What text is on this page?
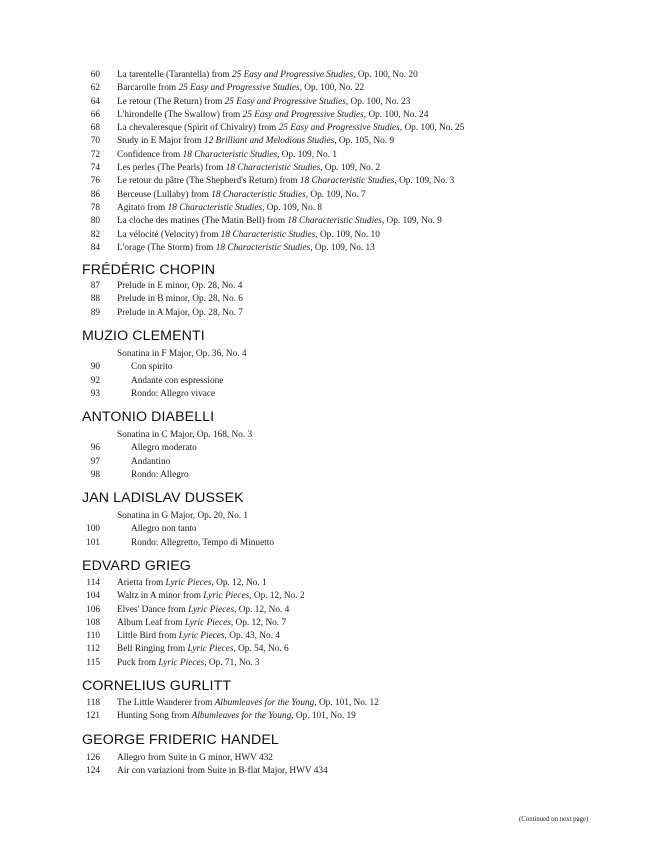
60 La tarentelle (Tarantella) from 25 Easy and Progressive Studies, Op. 100, No. 20
62 Barcarolle from 25 Easy and Progressive Studies, Op. 100, No. 22
64 Le retour (The Return) from 25 Easy and Progressive Studies, Op. 100, No. 23
66 L'hirondelle (The Swallow) from 25 Easy and Progressive Studies, Op. 100, No. 24
68 La chevaleresque (Spirit of Chivalry) from 25 Easy and Progressive Studies, Op. 100, No. 25
70 Study in E Major from 12 Brilliant and Melodious Studies, Op. 105, No. 9
72 Confidence from 18 Characteristic Studies, Op. 109, No. 1
74 Les perles (The Pearls) from 18 Characteristic Studies, Op. 109, No. 2
76 Le retour du pâtre (The Shepherd's Return) from 18 Characteristic Studies, Op. 109, No. 3
86 Berceuse (Lullaby) from 18 Characteristic Studies, Op. 109, No. 7
78 Agitato from 18 Characteristic Studies, Op. 109, No. 8
80 La cloche des matines (The Matin Bell) from 18 Characteristic Studies, Op. 109, No. 9
82 La vélocité (Velocity) from 18 Characteristic Studies, Op. 109, No. 10
84 L'orage (The Storm) from 18 Characteristic Studies, Op. 109, No. 13
FRÉDÉRIC CHOPIN
87 Prelude in E minor, Op. 28, No. 4
88 Prelude in B minor, Op. 28, No. 6
89 Prelude in A Major, Op. 28, No. 7
MUZIO CLEMENTI
Sonatina in F Major, Op. 36, No. 4
90	Con spirito
92	Andante con espressione
93	Rondo: Allegro vivace
ANTONIO DIABELLI
Sonatina in C Major, Op. 168, No. 3
96	Allegro moderato
97	Andantino
98	Rondo: Allegro
JAN LADISLAV DUSSEK
Sonatina in G Major, Op. 20, No. 1
100	Allegro non tanto
101	Rondo: Allegretto, Tempo di Minuetto
EDVARD GRIEG
114 Arietta from Lyric Pieces, Op. 12, No. 1
104 Waltz in A minor from Lyric Pieces, Op. 12, No. 2
106 Elves' Dance from Lyric Pieces, Op. 12, No. 4
108 Album Leaf from Lyric Pieces, Op. 12, No. 7
110 Little Bird from Lyric Pieces, Op. 43, No. 4
112 Bell Ringing from Lyric Pieces, Op. 54, No. 6
115 Puck from Lyric Pieces, Op. 71, No. 3
CORNELIUS GURLITT
118 The Little Wanderer from Albumleaves for the Young, Op. 101, No. 12
121 Hunting Song from Albumleaves for the Young, Op. 101, No. 19
GEORGE FRIDERIC HANDEL
126 Allegro from Suite in G minor, HWV 432
124 Air con variazioni from Suite in B-flat Major, HWV 434
(Continued on next page)
